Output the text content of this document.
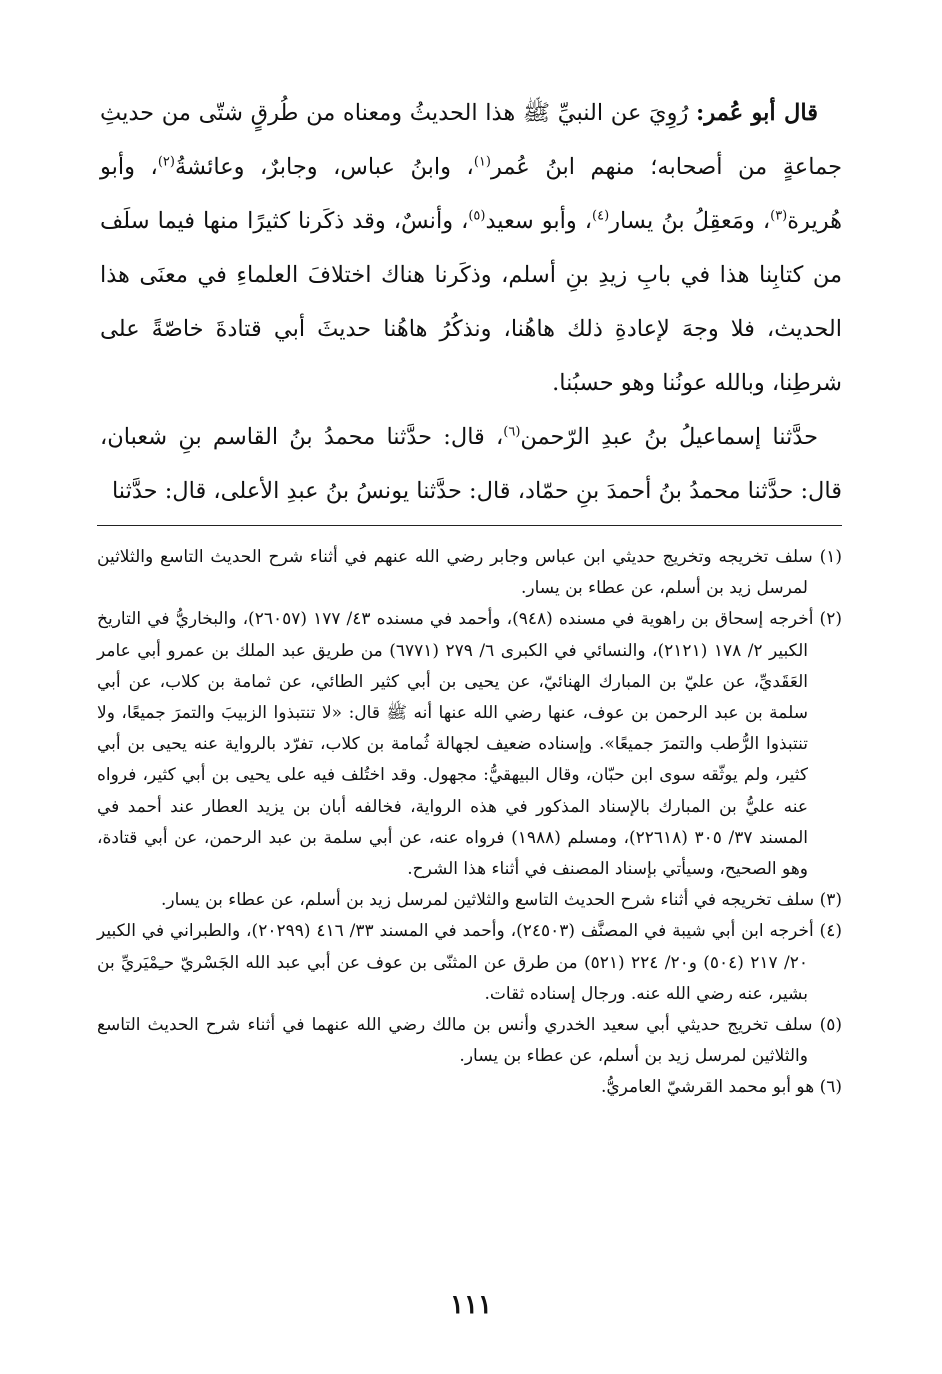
قال أبو عُمر: رُوِيَ عن النبيِّ ﷺ هذا الحديثُ ومعناه من طُرقٍ شتّى من حديثِ جماعةٍ من أصحابه؛ منهم ابنُ عُمر$^{(١)}$، وابنُ عباس، وجابرٌ، وعائشةُ$^{(٢)}$، وأبو هُريرة$^{(٣)}$، ومَعقِلُ بنُ يسار$^{(٤)}$، وأبو سعيد$^{(٥)}$، وأنسٌ، وقد ذكَرنا كثيرًا منها فيما سلَف من كتابِنا هذا في بابِ زيدِ بنِ أسلم، وذكَرنا هناك اختلافَ العلماءِ في معنَى هذا الحديث، فلا وجهَ لإعادةِ ذلك هاهُنا، ونذكُرُ هاهُنا حديثَ أبي قتادةَ خاصّةً على شرطِنا، وبالله عونُنا وهو حسبُنا.

حدَّثنا إسماعيلُ بنُ عبدِ الرّحمن$^{(٦)}$، قال: حدَّثنا محمدُ بنُ القاسم بنِ شعبان، قال: حدَّثنا محمدُ بنُ أحمدَ بنِ حمّاد، قال: حدَّثنا يونسُ بنُ عبدِ الأعلى، قال: حدَّثنا

(١) سلف تخريجه وتخريج حديثي ابن عباس وجابر رضي الله عنهم في أثناء شرح الحديث التاسع والثلاثين لمرسل زيد بن أسلم، عن عطاء بن يسار.

(٢) أخرجه إسحاق بن راهوية في مسنده (٩٤٨)، وأحمد في مسنده ٤٣/ ١٧٧ (٢٦٠٥٧)، والبخاريُّ في التاريخ الكبير ٢/ ١٧٨ (٢١٢١)، والنسائي في الكبرى ٦/ ٢٧٩ (٦٧٧١) من طريق عبد الملك بن عمرو أبي عامر العَقَديِّ، عن عليّ بن المبارك الهنائيّ، عن يحيى بن أبي كثير الطائي، عن ثمامة بن كلاب، عن أبي سلمة بن عبد الرحمن بن عوف، عنها رضي الله عنها أنه ﷺ قال: «لا تنتبذوا الزبيبَ والتمرَ جميعًا، ولا تنتبذوا الرُّطب والتمرَ جميعًا». وإسناده ضعيف لجهالة ثُمامة بن كلاب، تفرّد بالرواية عنه يحيى بن أبي كثير، ولم يوثّقه سوى ابن حبّان، وقال البيهقيُّ: مجهول. وقد اختُلف فيه على يحيى بن أبي كثير، فرواه عنه عليُّ بن المبارك بالإسناد المذكور في هذه الرواية، فخالفه أبان بن يزيد العطار عند أحمد في المسند ٣٧/ ٣٠٥ (٢٢٦١٨)، ومسلم (١٩٨٨) فرواه عنه، عن أبي سلمة بن عبد الرحمن، عن أبي قتادة، وهو الصحيح، وسيأتي بإسناد المصنف في أثناء هذا الشرح.

(٣) سلف تخريجه في أثناء شرح الحديث التاسع والثلاثين لمرسل زيد بن أسلم، عن عطاء بن يسار.

(٤) أخرجه ابن أبي شيبة في المصنَّف (٢٤٥٠٣)، وأحمد في المسند ٣٣/ ٤١٦ (٢٠٢٩٩)، والطبراني في الكبير ٢٠/ ٢١٧ (٥٠٤) و٢٠/ ٢٢٤ (٥٢١) من طرق عن المثنّى بن عوف عن أبي عبد الله الجَسْريّ حـِمْيَريِّ بن بشير، عنه رضي الله عنه. ورجال إسناده ثقات.

(٥) سلف تخريج حديثي أبي سعيد الخدري وأنس بن مالك رضي الله عنهما في أثناء شرح الحديث التاسع والثلاثين لمرسل زيد بن أسلم، عن عطاء بن يسار.

(٦) هو أبو محمد القرشيّ العامريُّ.

١١١
